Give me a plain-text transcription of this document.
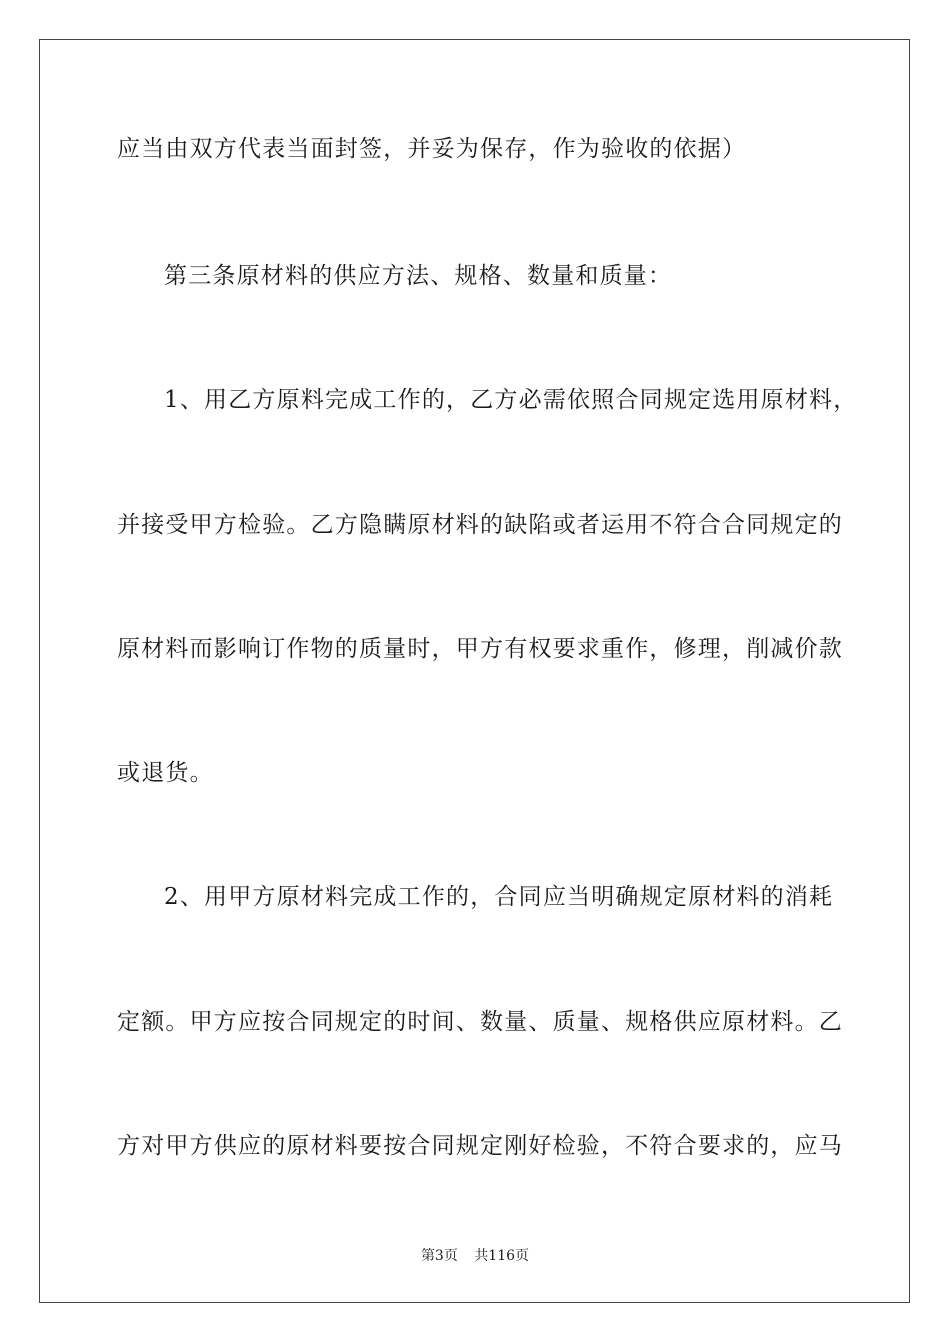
应当由双方代表当面封签，并妥为保存，作为验收的依据）
第三条原材料的供应方法、规格、数量和质量：
1、用乙方原料完成工作的，乙方必需依照合同规定选用原材料，
并接受甲方检验。乙方隐瞒原材料的缺陷或者运用不符合合同规定的
原材料而影响订作物的质量时，甲方有权要求重作，修理，削减价款
或退货。
2、用甲方原材料完成工作的，合同应当明确规定原材料的消耗
定额。甲方应按合同规定的时间、数量、质量、规格供应原材料。乙
方对甲方供应的原材料要按合同规定刚好检验，不符合要求的，应马
第3页 共116页
